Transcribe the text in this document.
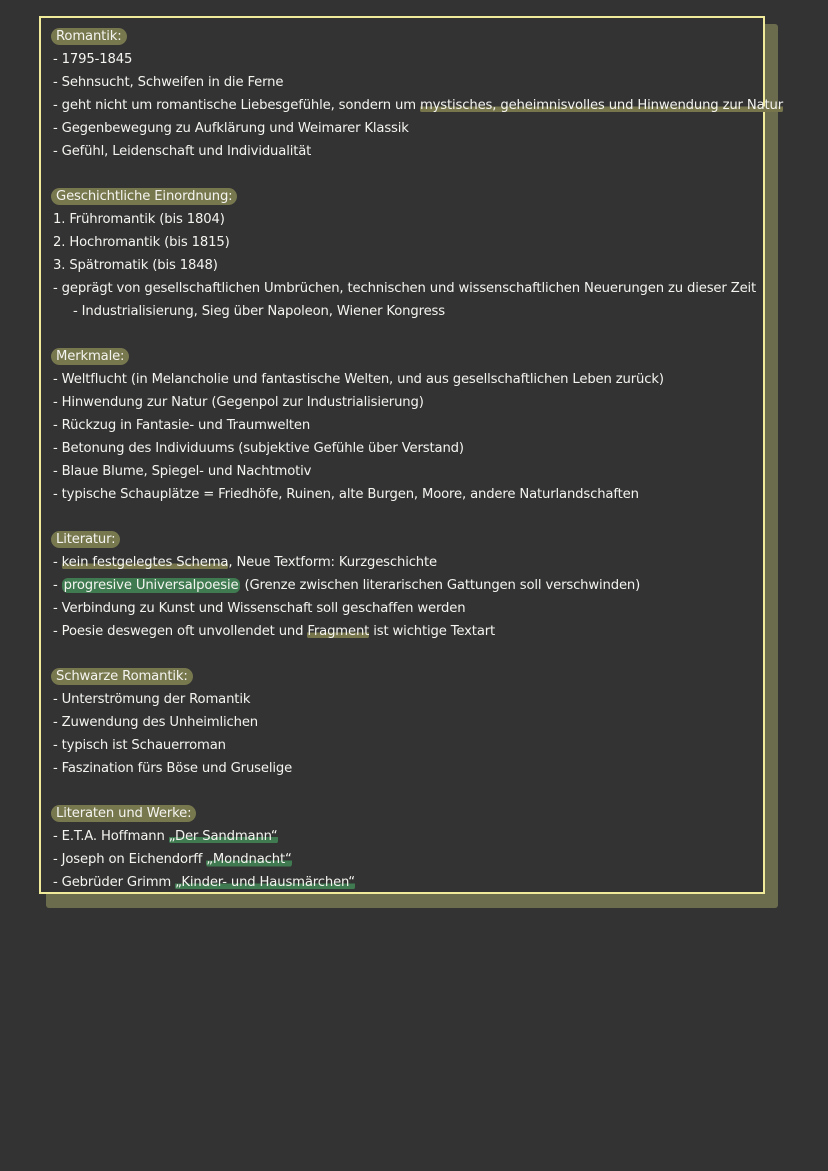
Romantik:
- 1795-1845
- Sehnsucht, Schweifen in die Ferne
- geht nicht um romantische Liebesgefühle, sondern um mystisches, geheimnisvolles und Hinwendung zur Natur
- Gegenbewegung zu Aufklärung und Weimarer Klassik
- Gefühl, Leidenschaft und Individualität
Geschichtliche Einordnung:
1. Frühromantik (bis 1804)
2. Hochromantik (bis 1815)
3. Spätromatik (bis 1848)
- geprägt von gesellschaftlichen Umbrüchen, technischen und wissenschaftlichen Neuerungen zu dieser Zeit
- Industrialisierung, Sieg über Napoleon, Wiener Kongress
Merkmale:
- Weltflucht (in Melancholie und fantastische Welten, und aus gesellschaftlichen Leben zurück)
- Hinwendung zur Natur (Gegenpol zur Industrialisierung)
- Rückzug in Fantasie- und Traumwelten
- Betonung des Individuums (subjektive Gefühle über Verstand)
- Blaue Blume, Spiegel- und Nachtmotiv
- typische Schauplätze = Friedhöfe, Ruinen, alte Burgen, Moore, andere Naturlandschaften
Literatur:
- kein festgelegtes Schema, Neue Textform: Kurzgeschichte
- progresive Universalpoesie (Grenze zwischen literarischen Gattungen soll verschwinden)
- Verbindung zu Kunst und Wissenschaft soll geschaffen werden
- Poesie deswegen oft unvollendet und Fragment ist wichtige Textart
Schwarze Romantik:
- Unterströmung der Romantik
- Zuwendung des Unheimlichen
- typisch ist Schauerroman
- Faszination fürs Böse und Gruselige
Literaten und Werke:
- E.T.A. Hoffmann „Der Sandmann“
- Joseph on Eichendorff „Mondnacht“
- Gebrüder Grimm „Kinder- und Hausmärchen“
